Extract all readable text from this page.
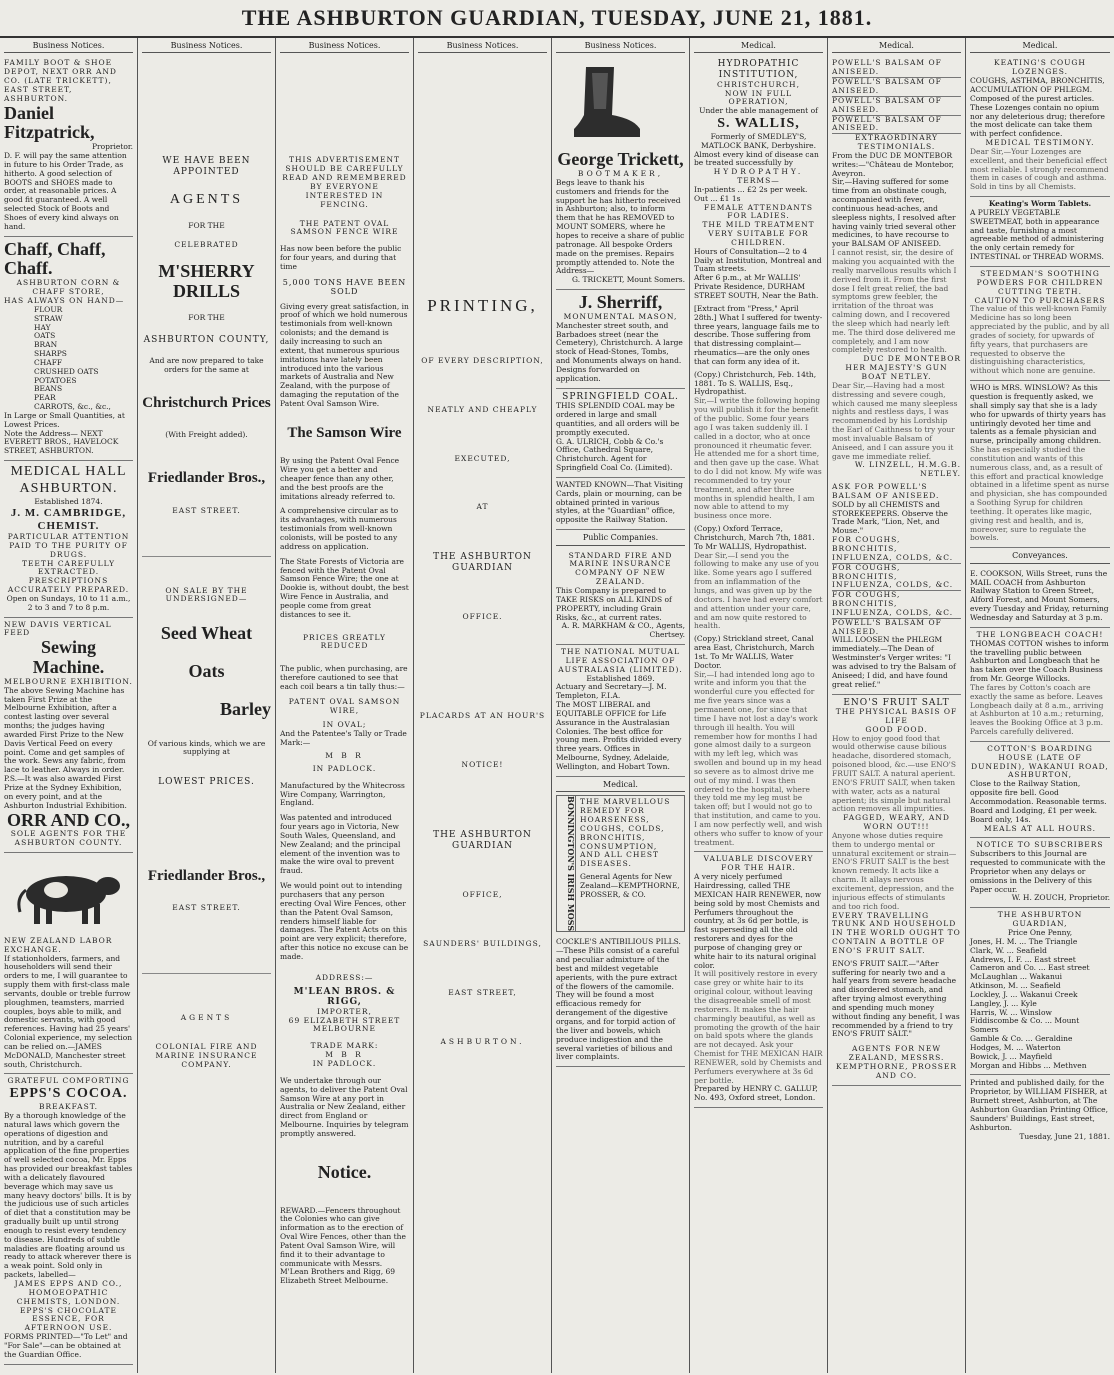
THE ASHBURTON GUARDIAN, TUESDAY, JUNE 21, 1881.
Business Notices.
FAMILY BOOT & SHOE DEPOT, NEXT ORR AND CO. (LATE TRICKETT), EAST STREET, ASHBURTON.
Daniel Fitzpatrick,
Proprietor.
D. F. will pay the same attention in future to his Order Trade, as hitherto. A good selection of BOOTS and SHOES made to order, at reasonable prices. A good fit guaranteed. A well selected Stock of Boots and Shoes of every kind always on hand.
Chaff, Chaff, Chaff.
ASHBURTON CORN & CHAFF STORE,
HAS ALWAYS ON HAND—
FLOUR
STRAW
HAY
OATS
BRAN
SHARPS
CHAFF
CRUSHED OATS
POTATOES
BEANS
PEAR
CARROTS, &c., &c.,
In Large or Small Quantities, at Lowest Prices.
Note the Address— NEXT EVERETT BROS., HAVELOCK STREET, ASHBURTON.
MEDICAL HALL ASHBURTON.
Established 1874.
J. M. CAMBRIDGE, CHEMIST.
PARTICULAR ATTENTION PAID TO THE PURITY OF DRUGS.
TEETH CAREFULLY EXTRACTED.
PRESCRIPTIONS ACCURATELY PREPARED.
Open on Sundays, 10 to 11 a.m., 2 to 3 and 7 to 8 p.m.
NEW DAVIS VERTICAL FEED
Sewing Machine.
MELBOURNE EXHIBITION.
The above Sewing Machine has taken First Prize at the Melbourne Exhibition, after a contest lasting over several months; the judges having awarded First Prize to the New Davis Vertical Feed on every point. Come and get samples of the work. Sews any fabric, from lace to leather. Always in order.
P.S.—It was also awarded First Prize at the Sydney Exhibition, on every point, and at the Ashburton Industrial Exhibition.
ORR AND CO.,
SOLE AGENTS FOR THE ASHBURTON COUNTY.
NEW ZEALAND LABOR EXCHANGE.
If stationholders, farmers, and householders will send their orders to me, I will guarantee to supply them with first-class male servants, double or treble furrow ploughmen, teamsters, married couples, boys able to milk, and domestic servants, with good references. Having had 25 years' Colonial experience, my selection can be relied on.—JAMES McDONALD, Manchester street south, Christchurch.
GRATEFUL COMFORTING
EPPS'S COCOA.
BREAKFAST.
By a thorough knowledge of the natural laws which govern the operations of digestion and nutrition, and by a careful application of the fine properties of well selected cocoa, Mr. Epps has provided our breakfast tables with a delicately flavoured beverage which may save us many heavy doctors' bills. It is by the judicious use of such articles of diet that a constitution may be gradually built up until strong enough to resist every tendency to disease. Hundreds of subtle maladies are floating around us ready to attack wherever there is a weak point. Sold only in packets, labelled—
JAMES EPPS AND CO., HOMOEOPATHIC CHEMISTS, LONDON.
EPPS'S CHOCOLATE ESSENCE, FOR AFTERNOON USE.
FORMS PRINTED—"To Let" and "For Sale"—can be obtained at the Guardian Office.
Business Notices.
WE HAVE BEEN APPOINTED
AGENTS
FOR THE
CELEBRATED
M'SHERRY DRILLS
FOR THE
ASHBURTON COUNTY,
And are now prepared to take orders for the same at
Christchurch Prices
(With Freight added).
Friedlander Bros.,
EAST STREET.
ON SALE BY THE UNDERSIGNED—
Seed Wheat
Oats
Barley
Of various kinds, which we are supplying at
LOWEST PRICES.
Friedlander Bros.,
EAST STREET.
AGENTS
COLONIAL FIRE AND MARINE INSURANCE COMPANY.
Business Notices.
THIS ADVERTISEMENT SHOULD BE CAREFULLY READ AND REMEMBERED BY EVERYONE INTERESTED IN FENCING.
THE PATENT OVAL SAMSON FENCE WIRE
Has now been before the public for four years, and during that time
5,000 TONS HAVE BEEN SOLD
Giving every great satisfaction, in proof of which we hold numerous testimonials from well-known colonists; and the demand is daily increasing to such an extent, that numerous spurious imitations have lately been introduced into the various markets of Australia and New Zealand, with the purpose of damaging the reputation of the Patent Oval Samson Wire.
The Samson Wire
By using the Patent Oval Fence Wire you get a better and cheaper fence than any other, and the best proofs are the imitations already referred to.
A comprehensive circular as to its advantages, with numerous testimonials from well-known colonists, will be posted to any address on application.
The State Forests of Victoria are fenced with the Patent Oval Samson Fence Wire; the one at Dookie is, without doubt, the best Wire Fence in Australia, and people come from great distances to see it.
PRICES GREATLY REDUCED
The public, when purchasing, are therefore cautioned to see that each coil bears a tin tally thus:—
PATENT OVAL SAMSON WIRE,
IN OVAL;
And the Patentee's Tally or Trade Mark:—
M B R
IN PADLOCK.
Manufactured by the Whitecross Wire Company, Warrington, England.
Was patented and introduced four years ago in Victoria, New South Wales, Queensland, and New Zealand; and the principal element of the invention was to make the wire oval to prevent fraud.
We would point out to intending purchasers that any person erecting Oval Wire Fences, other than the Patent Oval Samson, renders himself liable for damages. The Patent Acts on this point are very explicit; therefore, after this notice no excuse can be made.
ADDRESS:—
M'LEAN BROS. & RIGG,
IMPORTER,
69 ELIZABETH STREET MELBOURNE
TRADE MARK:
M B R
IN PADLOCK.
We undertake through our agents, to deliver the Patent Oval Samson Wire at any port in Australia or New Zealand, either direct from England or Melbourne. Inquiries by telegram promptly answered.
Notice.
REWARD.—Fencers throughout the Colonies who can give information as to the erection of Oval Wire Fences, other than the Patent Oval Samson Wire, will find it to their advantage to communicate with Messrs. M'Lean Brothers and Rigg, 69 Elizabeth Street Melbourne.
Business Notices.
PRINTING,
OF EVERY DESCRIPTION,
NEATLY AND CHEAPLY
EXECUTED,
AT
THE ASHBURTON GUARDIAN
OFFICE.
PLACARDS AT AN HOUR'S
NOTICE!
THE ASHBURTON GUARDIAN
OFFICE,
SAUNDERS' BUILDINGS,
EAST STREET,
ASHBURTON.
Business Notices.
George Trickett,
BOOTMAKER,
Begs leave to thank his customers and friends for the support he has hitherto received in Ashburton; also, to inform them that he has REMOVED to MOUNT SOMERS, where he hopes to receive a share of public patronage. All bespoke Orders made on the premises. Repairs promptly attended to. Note the Address—
G. TRICKETT, Mount Somers.
J. Sherriff,
MONUMENTAL MASON,
Manchester street south, and Barbadoes street (near the Cemetery), Christchurch. A large stock of Head-Stones, Tombs, and Monuments always on hand. Designs forwarded on application.
SPRINGFIELD COAL.
THIS SPLENDID COAL may be ordered in large and small quantities, and all orders will be promptly executed.
G. A. ULRICH, Cobb & Co.'s Office, Cathedral Square, Christchurch. Agent for Springfield Coal Co. (Limited).
WANTED KNOWN—That Visiting Cards, plain or mourning, can be obtained printed in various styles, at the "Guardian" office, opposite the Railway Station.
Public Companies.
STANDARD FIRE AND MARINE INSURANCE COMPANY OF NEW ZEALAND.
This Company is prepared to TAKE RISKS on ALL KINDS of PROPERTY, including Grain Risks, &c., at current rates.
A. R. MARKHAM & CO., Agents, Chertsey.
THE NATIONAL MUTUAL LIFE ASSOCIATION OF AUSTRALASIA (LIMITED).
Established 1869.
Actuary and Secretary—J. M. Templeton, F.I.A.
The MOST LIBERAL and EQUITABLE OFFICE for Life Assurance in the Australasian Colonies. The best office for young men. Profits divided every three years. Offices in Melbourne, Sydney, Adelaide, Wellington, and Hobart Town.
Medical.
BONNINGTON'S IRISH MOSS THE MARVELLOUS REMEDY FOR HOARSENESS, COUGHS, COLDS, BRONCHITIS, CONSUMPTION, AND ALL CHEST DISEASES.
General Agents for New Zealand—KEMPTHORNE, PROSSER, & CO.
COCKLE'S ANTIBILIOUS PILLS.—These Pills consist of a careful and peculiar admixture of the best and mildest vegetable aperients, with the pure extract of the flowers of the camomile. They will be found a most efficacious remedy for derangement of the digestive organs, and for torpid action of the liver and bowels, which produce indigestion and the several varieties of bilious and liver complaints.
Medical.
HYDROPATHIC INSTITUTION,
CHRISTCHURCH,
NOW IN FULL OPERATION,
Under the able management of
S. WALLIS,
Formerly of SMEDLEY'S, MATLOCK BANK, Derbyshire.
Almost every kind of disease can be treated successfully by
HYDROPATHY.
TERMS—
In-patients ... £2 2s per week.
Out ... £1 1s
FEMALE ATTENDANTS FOR LADIES.
THE MILD TREATMENT VERY SUITABLE FOR CHILDREN.
Hours of Consultation—2 to 4 Daily at Institution, Montreal and Tuam streets.
After 6 p.m., at Mr WALLIS' Private Residence, DURHAM STREET SOUTH, Near the Bath.
[Extract from "Press," April 28th.] What I suffered for twenty-three years, language fails me to describe. Those suffering from that distressing complaint—rheumatics—are the only ones that can form any idea of it.
(Copy.) Christchurch, Feb. 14th, 1881. To S. WALLIS, Esq., Hydropathist.
Sir,—I write the following hoping you will publish it for the benefit of the public. Some four years ago I was taken suddenly ill. I called in a doctor, who at once pronounced it rheumatic fever. He attended me for a short time, and then gave up the case. What to do I did not know. My wife was recommended to try your treatment, and after three months in splendid health, I am now able to attend to my business once more.
(Copy.) Oxford Terrace, Christchurch, March 7th, 1881. To Mr WALLIS, Hydropathist.
Dear Sir,—I send you the following to make any use of you like. Some years ago I suffered from an inflammation of the lungs, and was given up by the doctors. I have had every comfort and attention under your care, and am now quite restored to health.
(Copy.) Strickland street, Canal area East, Christchurch, March 1st. To Mr WALLIS, Water Doctor.
Sir,—I had intended long ago to write and inform you that the wonderful cure you effected for me five years since was a permanent one, for since that time I have not lost a day's work through ill health. You will remember how for months I had gone almost daily to a surgeon with my left leg, which was swollen and bound up in my head so severe as to almost drive me out of my mind. I was then ordered to the hospital, where they told me my leg must be taken off; but I would not go to that institution, and came to you. I am now perfectly well, and wish others who suffer to know of your treatment.
VALUABLE DISCOVERY FOR THE HAIR.
A very nicely perfumed Hairdressing, called THE MEXICAN HAIR RENEWER, now being sold by most Chemists and Perfumers throughout the country, at 3s 6d per bottle, is fast superseding all the old restorers and dyes for the purpose of changing grey or white hair to its natural original color.
It will positively restore in every case grey or white hair to its original colour, without leaving the disagreeable smell of most restorers. It makes the hair charmingly beautiful, as well as promoting the growth of the hair on bald spots where the glands are not decayed. Ask your Chemist for THE MEXICAN HAIR RENEWER, sold by Chemists and Perfumers everywhere at 3s 6d per bottle.
Prepared by HENRY C. GALLUP, No. 493, Oxford street, London.
Medical.
POWELL'S BALSAM OF ANISEED.
POWELL'S BALSAM OF ANISEED.
POWELL'S BALSAM OF ANISEED.
POWELL'S BALSAM OF ANISEED.
EXTRAORDINARY TESTIMONIALS.
From the DUC DE MONTEBOR writes:—"Château de Montebor, Aveyron.
Sir,—Having suffered for some time from an obstinate cough, accompanied with fever, continuous head-aches, and sleepless nights, I resolved after having vainly tried several other medicines, to have recourse to your BALSAM OF ANISEED.
I cannot resist, sir, the desire of making you acquainted with the really marvellous results which I derived from it. From the first dose I felt great relief, the bad symptoms grew feebler, the irritation of the throat was calming down, and I recovered the sleep which had nearly left me. The third dose delivered me completely, and I am now completely restored to health.
DUC DE MONTEBOR
HER MAJESTY'S GUN BOAT NETLEY.
Dear Sir,—Having had a most distressing and severe cough, which caused me many sleepless nights and restless days, I was recommended by his Lordship the Earl of Caithness to try your most invaluable Balsam of Aniseed, and I can assure you it gave me immediate relief.
W. LINZELL, H.M.G.B. NETLEY.
ASK FOR POWELL'S BALSAM OF ANISEED.
SOLD by all CHEMISTS and STOREKEEPERS. Observe the Trade Mark, "Lion, Net, and Mouse."
FOR COUGHS, BRONCHITIS, INFLUENZA, COLDS, &C.
FOR COUGHS, BRONCHITIS, INFLUENZA, COLDS, &C.
FOR COUGHS, BRONCHITIS, INFLUENZA, COLDS, &C.
POWELL'S BALSAM OF ANISEED.
WILL LOOSEN the PHLEGM immediately.—The Dean of Westminster's Verger writes: "I was advised to try the Balsam of Aniseed; I did, and have found great relief."
ENO'S FRUIT SALT
THE PHYSICAL BASIS OF LIFE
GOOD FOOD.
How to enjoy good food that would otherwise cause bilious headache, disordered stomach, poisoned blood, &c.—use ENO'S FRUIT SALT. A natural aperient. ENO'S FRUIT SALT, when taken with water, acts as a natural aperient; its simple but natural action removes all impurities.
FAGGED, WEARY, AND WORN OUT!!!
Anyone whose duties require them to undergo mental or unnatural excitement or strain—ENO'S FRUIT SALT is the best known remedy. It acts like a charm. It allays nervous excitement, depression, and the injurious effects of stimulants and too rich food.
EVERY TRAVELLING TRUNK AND HOUSEHOLD IN THE WORLD OUGHT TO CONTAIN A BOTTLE OF ENO'S FRUIT SALT.
ENO'S FRUIT SALT.—"After suffering for nearly two and a half years from severe headache and disordered stomach, and after trying almost everything and spending much money without finding any benefit, I was recommended by a friend to try ENO'S FRUIT SALT."
AGENTS FOR NEW ZEALAND, MESSRS. KEMPTHORNE, PROSSER AND CO.
Medical.
KEATING'S COUGH LOZENGES.
COUGHS, ASTHMA, BRONCHITIS, ACCUMULATION OF PHLEGM. Composed of the purest articles. These Lozenges contain no opium nor any deleterious drug; therefore the most delicate can take them with perfect confidence.
MEDICAL TESTIMONY.
Dear Sir,—Your Lozenges are excellent, and their beneficial effect most reliable. I strongly recommend them in cases of cough and asthma. Sold in tins by all Chemists.
Keating's Worm Tablets.
A PURELY VEGETABLE SWEETMEAT, both in appearance and taste, furnishing a most agreeable method of administering the only certain remedy for INTESTINAL or THREAD WORMS.
STEEDMAN'S SOOTHING POWDERS FOR CHILDREN CUTTING TEETH.
CAUTION TO PURCHASERS
The value of this well-known Family Medicine has so long been appreciated by the public, and by all grades of society, for upwards of fifty years, that purchasers are requested to observe the distinguishing characteristics, without which none are genuine.
WHO is MRS. WINSLOW? As this question is frequently asked, we shall simply say that she is a lady who for upwards of thirty years has untiringly devoted her time and talents as a female physician and nurse, principally among children.
She has especially studied the constitution and wants of this numerous class, and, as a result of this effort and practical knowledge obtained in a lifetime spent as nurse and physician, she has compounded a Soothing Syrup for children teething. It operates like magic, giving rest and health, and is, moreover, sure to regulate the bowels.
Conveyances.
E. COOKSON, Wills Street, runs the MAIL COACH from Ashburton Railway Station to Green Street, Alford Forest, and Mount Somers, every Tuesday and Friday, returning Wednesday and Saturday at 3 p.m.
THE LONGBEACH COACH!
THOMAS COTTON wishes to inform the travelling public between Ashburton and Longbeach that he has taken over the Coach Business from Mr. George Willocks.
The fares by Cotton's coach are exactly the same as before. Leaves Longbeach daily at 8 a.m., arriving at Ashburton at 10 a.m.; returning, leaves the Booking Office at 3 p.m. Parcels carefully delivered.
COTTON'S BOARDING HOUSE (LATE OF DUNEDIN), WAKANUI ROAD, ASHBURTON,
Close to the Railway Station, opposite fire bell. Good Accommodation. Reasonable terms. Board and Lodging, £1 per week. Board only, 14s.
MEALS AT ALL HOURS.
NOTICE TO SUBSCRIBERS
Subscribers to this Journal are requested to communicate with the Proprietor when any delays or omissions in the Delivery of this Paper occur.
W. H. ZOUCH, Proprietor.
THE ASHBURTON GUARDIAN,
Price One Penny,
Jones, H. M. ... The Triangle
Clark, W. ... Seafield
Andrews, I. F. ... East street
Cameron and Co. ... East street
McLaughlan ... Wakanui
Atkinson, M. ... Seafield
Lockley, J. ... Wakanui Creek
Langley, J. ... Kyle
Harris, W. ... Winslow
Fiddiscombe & Co. ... Mount Somers
Gamble & Co. ... Geraldine
Hodges, M. ... Waterton
Bowick, J. ... Mayfield
Morgan and Hibbs ... Methven
Printed and published daily, for the Proprietor, by WILLIAM FISHER, at Burnett street, Ashburton, at The Ashburton Guardian Printing Office, Saunders' Buildings, East street, Ashburton.
Tuesday, June 21, 1881.
